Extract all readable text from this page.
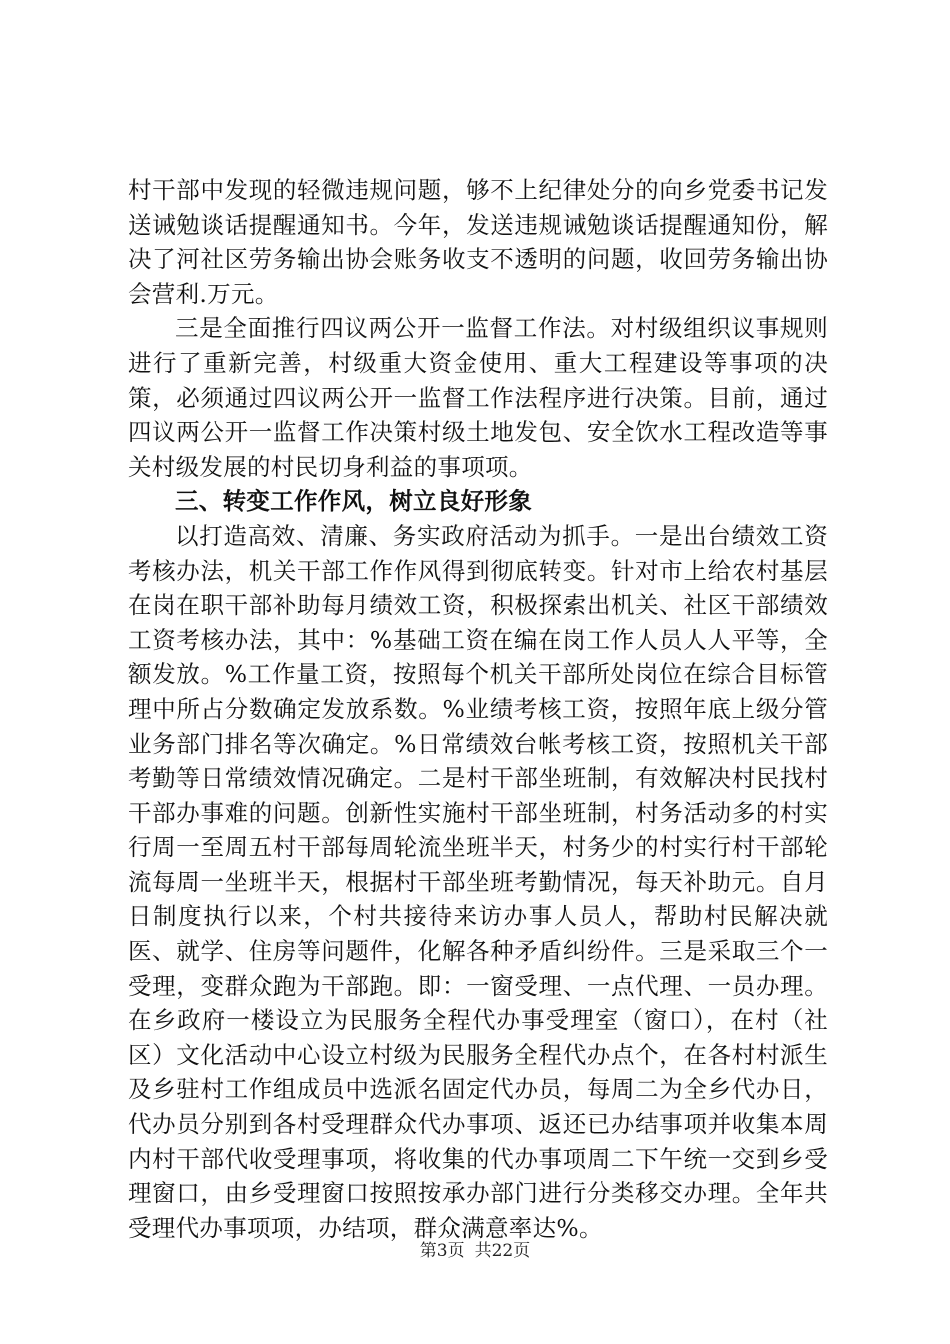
村干部中发现的轻微违规问题，够不上纪律处分的向乡党委书记发送诫勉谈话提醒通知书。今年，发送违规诫勉谈话提醒通知份，解决了河社区劳务输出协会账务收支不透明的问题，收回劳务输出协会营利.万元。

三是全面推行四议两公开一监督工作法。对村级组织议事规则进行了重新完善，村级重大资金使用、重大工程建设等事项的决策，必须通过四议两公开一监督工作法程序进行决策。目前，通过四议两公开一监督工作决策村级土地发包、安全饮水工程改造等事关村级发展的村民切身利益的事项项。

三、转变工作作风，树立良好形象

以打造高效、清廉、务实政府活动为抓手。一是出台绩效工资考核办法，机关干部工作作风得到彻底转变。针对市上给农村基层在岗在职干部补助每月绩效工资，积极探索出机关、社区干部绩效工资考核办法，其中：%基础工资在编在岗工作人员人人平等，全额发放。%工作量工资，按照每个机关干部所处岗位在综合目标管理中所占分数确定发放系数。%业绩考核工资，按照年底上级分管业务部门排名等次确定。%日常绩效台帐考核工资，按照机关干部考勤等日常绩效情况确定。二是村干部坐班制，有效解决村民找村干部办事难的问题。创新性实施村干部坐班制，村务活动多的村实行周一至周五村干部每周轮流坐班半天，村务少的村实行村干部轮流每周一坐班半天，根据村干部坐班考勤情况，每天补助元。自月日制度执行以来，个村共接待来访办事人员人，帮助村民解决就医、就学、住房等问题件，化解各种矛盾纠纷件。三是采取三个一受理，变群众跑为干部跑。即：一窗受理、一点代理、一员办理。在乡政府一楼设立为民服务全程代办事受理室（窗口），在村（社区）文化活动中心设立村级为民服务全程代办点个，在各村村派生及乡驻村工作组成员中选派名固定代办员，每周二为全乡代办日，代办员分别到各村受理群众代办事项、返还已办结事项并收集本周内村干部代收受理事项，将收集的代办事项周二下午统一交到乡受理窗口，由乡受理窗口按照按承办部门进行分类移交办理。全年共受理代办事项项，办结项，群众满意率达%。

第3页 共22页
